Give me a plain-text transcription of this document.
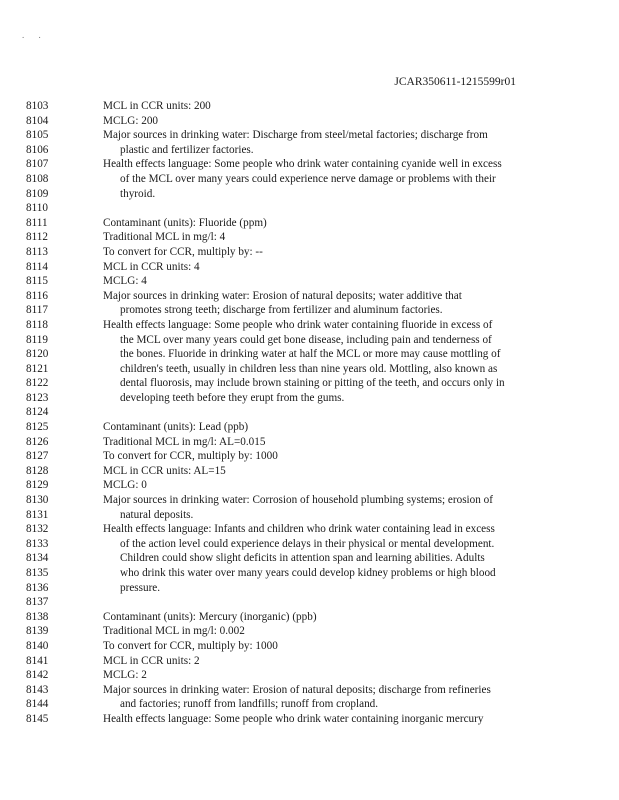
. .
JCAR350611-1215599r01
8103	MCL in CCR units: 200
8104	MCLG: 200
8105	Major sources in drinking water: Discharge from steel/metal factories; discharge from
8106	plastic and fertilizer factories.
8107	Health effects language: Some people who drink water containing cyanide well in excess
8108	of the MCL over many years could experience nerve damage or problems with their
8109	thyroid.
8110
8111	Contaminant (units): Fluoride (ppm)
8112	Traditional MCL in mg/l: 4
8113	To convert for CCR, multiply by: --
8114	MCL in CCR units: 4
8115	MCLG: 4
8116	Major sources in drinking water: Erosion of natural deposits; water additive that
8117	promotes strong teeth; discharge from fertilizer and aluminum factories.
8118	Health effects language: Some people who drink water containing fluoride in excess of
8119	the MCL over many years could get bone disease, including pain and tenderness of
8120	the bones. Fluoride in drinking water at half the MCL or more may cause mottling of
8121	children's teeth, usually in children less than nine years old. Mottling, also known as
8122	dental fluorosis, may include brown staining or pitting of the teeth, and occurs only in
8123	developing teeth before they erupt from the gums.
8124
8125	Contaminant (units): Lead (ppb)
8126	Traditional MCL in mg/l: AL=0.015
8127	To convert for CCR, multiply by: 1000
8128	MCL in CCR units: AL=15
8129	MCLG: 0
8130	Major sources in drinking water: Corrosion of household plumbing systems; erosion of
8131	natural deposits.
8132	Health effects language: Infants and children who drink water containing lead in excess
8133	of the action level could experience delays in their physical or mental development.
8134	Children could show slight deficits in attention span and learning abilities. Adults
8135	who drink this water over many years could develop kidney problems or high blood
8136	pressure.
8137
8138	Contaminant (units): Mercury (inorganic) (ppb)
8139	Traditional MCL in mg/l: 0.002
8140	To convert for CCR, multiply by: 1000
8141	MCL in CCR units: 2
8142	MCLG: 2
8143	Major sources in drinking water: Erosion of natural deposits; discharge from refineries
8144	and factories; runoff from landfills; runoff from cropland.
8145	Health effects language: Some people who drink water containing inorganic mercury
